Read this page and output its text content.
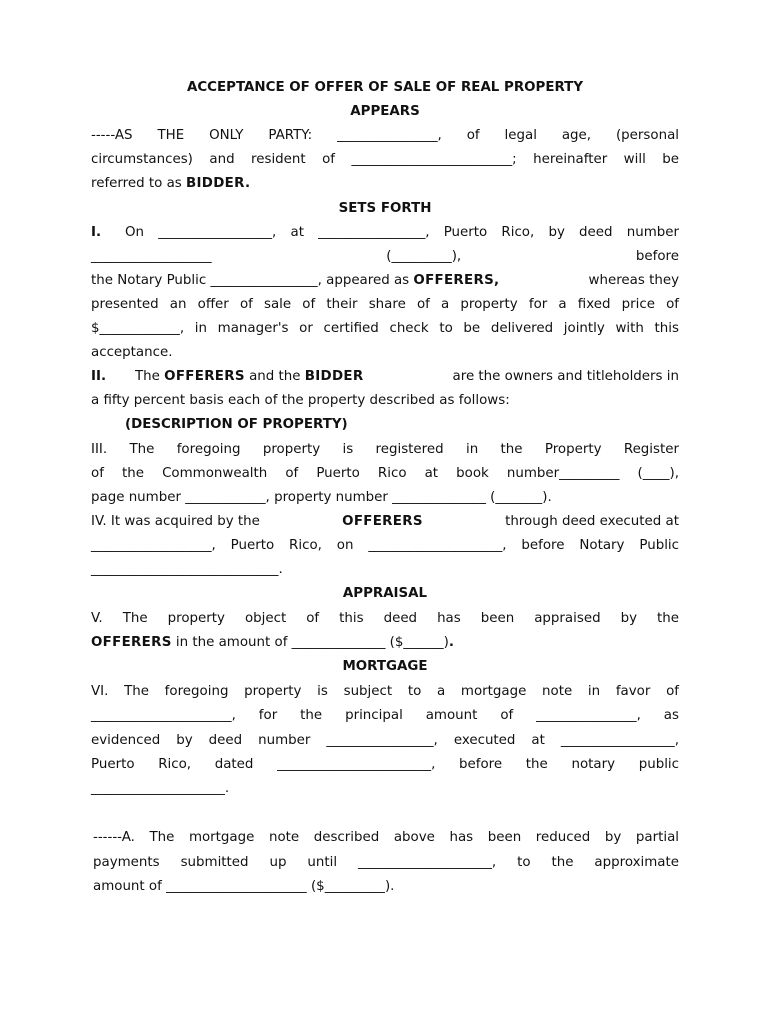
ACCEPTANCE OF OFFER OF SALE OF REAL PROPERTY
APPEARS
-----AS THE ONLY PARTY: _______________, of legal age, (personal
circumstances) and resident of ________________________; hereinafter will be
referred to as BIDDER.
SETS FORTH
I. On _________________, at ________________, Puerto Rico, by deed number
__________________ (_________), before
the Notary Public ________________, appeared as OFFERERS,	whereas they
presented an offer of sale of their share of a property for a fixed price of
$____________, in manager's or certified check to be delivered jointly with this
acceptance.
II. The OFFERERS and the BIDDER	are the owners and titleholders in
a fifty percent basis each of the property described as follows:
(DESCRIPTION OF PROPERTY)
III. The foregoing property is registered in the Property Register
of the Commonwealth of Puerto Rico at book number_________ (____),
page number ____________, property number ______________ (_______).
IV. It was acquired by the	OFFERERS	through deed executed at
__________________, Puerto Rico, on ____________________, before Notary Public
____________________________.
APPRAISAL
V. The property object of this deed has been appraised by the
OFFERERS in the amount of ______________ ($______).
MORTGAGE
VI. The foregoing property is subject to a mortgage note in favor of
_____________________, for the principal amount of _______________, as
evidenced by deed number ________________, executed at _________________,
Puerto Rico, dated _______________________, before the notary public
____________________.
------A. The mortgage note described above has been reduced by partial
payments submitted up until ____________________, to the approximate
amount of _____________________ ($_________).
